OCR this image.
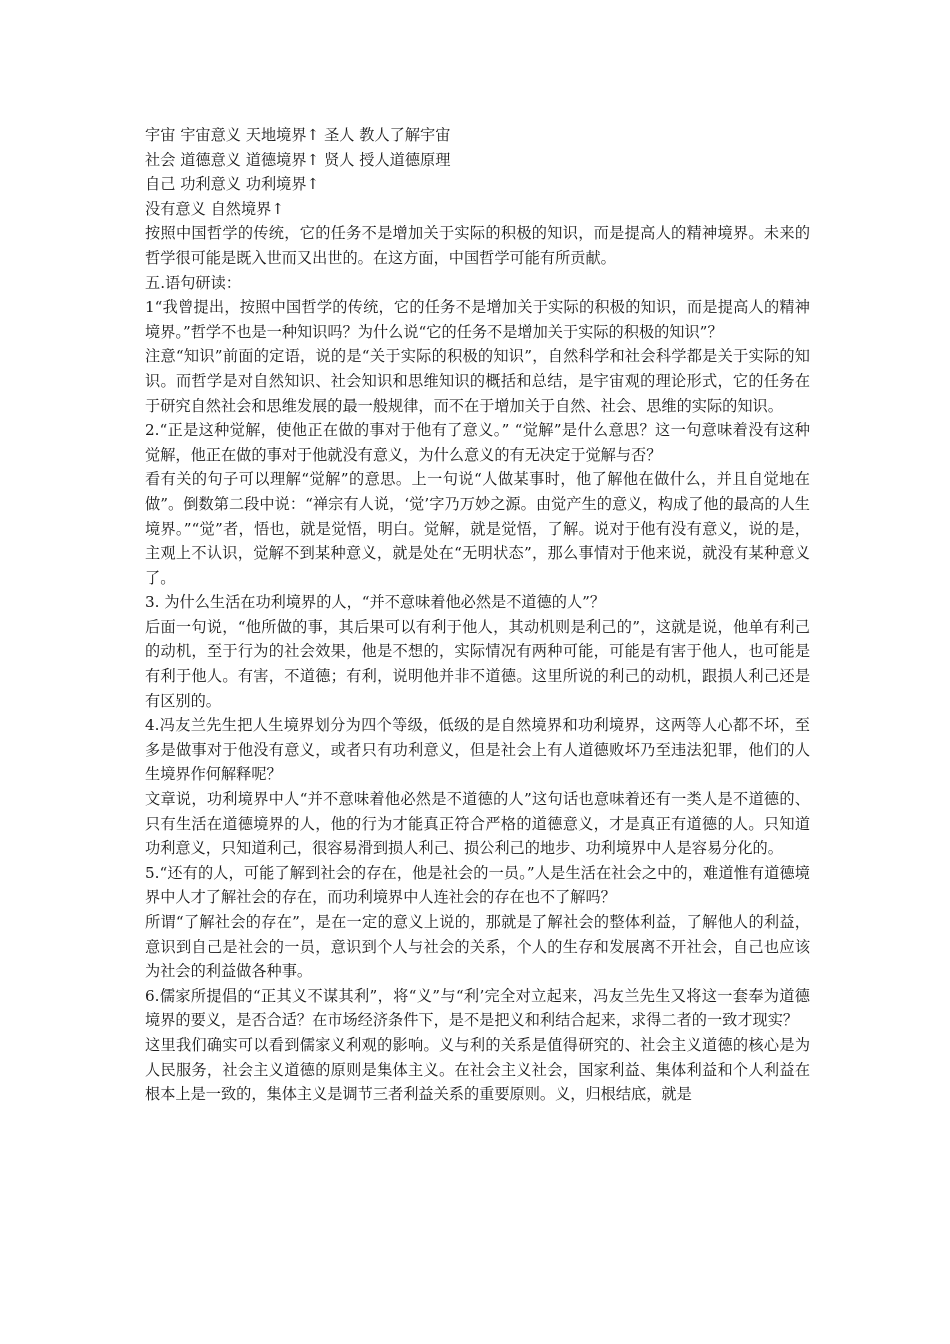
宇宙 宇宙意义 天地境界↑ 圣人 教人了解宇宙

社会 道德意义 道德境界↑ 贤人 授人道德原理

自己 功利意义 功利境界↑

没有意义 自然境界↑

按照中国哲学的传统，它的任务不是增加关于实际的积极的知识，而是提高人的精神境界。未来的哲学很可能是既入世而又出世的。在这方面，中国哲学可能有所贡献。

五.语句研读：

1“我曾提出，按照中国哲学的传统，它的任务不是增加关于实际的积极的知识，而是提高人的精神境界。”哲学不也是一种知识吗？为什么说“它的任务不是增加关于实际的积极的知识”？

注意“知识”前面的定语，说的是“关于实际的积极的知识”，自然科学和社会科学都是关于实际的知识。而哲学是对自然知识、社会知识和思维知识的概括和总结，是宇宙观的理论形式，它的任务在于研究自然社会和思维发展的最一般规律，而不在于增加关于自然、社会、思维的实际的知识。

2.“正是这种觉解，使他正在做的事对于他有了意义。” “觉解”是什么意思？这一句意味着没有这种觉解，他正在做的事对于他就没有意义，为什么意义的有无决定于觉解与否？

看有关的句子可以理解“觉解”的意思。上一句说“人做某事时，他了解他在做什么，并且自觉地在做”。倒数第二段中说：“禅宗有人说，‘觉’字乃万妙之源。由觉产生的意义，构成了他的最高的人生境界。”“觉”者，悟也，就是觉悟，明白。觉解，就是觉悟，了解。说对于他有没有意义，说的是，主观上不认识，觉解不到某种意义，就是处在“无明状态”，那么事情对于他来说，就没有某种意义了。

3. 为什么生活在功利境界的人，“并不意味着他必然是不道德的人”？

后面一句说，“他所做的事，其后果可以有利于他人，其动机则是利己的”，这就是说，他单有利己的动机，至于行为的社会效果，他是不想的，实际情况有两种可能，可能是有害于他人，也可能是有利于他人。有害，不道德；有利，说明他并非不道德。这里所说的利己的动机，跟损人利己还是有区别的。

4.冯友兰先生把人生境界划分为四个等级，低级的是自然境界和功利境界，这两等人心都不坏，至多是做事对于他没有意义，或者只有功利意义，但是社会上有人道德败坏乃至违法犯罪，他们的人生境界作何解释呢？

文章说，功利境界中人“并不意味着他必然是不道德的人”这句话也意味着还有一类人是不道德的、只有生活在道德境界的人，他的行为才能真正符合严格的道德意义，才是真正有道德的人。只知道功利意义，只知道利己，很容易滑到损人利己、损公利己的地步、功利境界中人是容易分化的。

5.“还有的人，可能了解到社会的存在，他是社会的一员。”人是生活在社会之中的，难道惟有道德境界中人才了解社会的存在，而功利境界中人连社会的存在也不了解吗？

所谓“了解社会的存在”，是在一定的意义上说的，那就是了解社会的整体利益，了解他人的利益，意识到自己是社会的一员，意识到个人与社会的关系，个人的生存和发展离不开社会，自己也应该为社会的利益做各种事。

6.儒家所提倡的“正其义不谋其利”，将“义”与“利’完全对立起来，冯友兰先生又将这一套奉为道德境界的要义，是否合适？在市场经济条件下，是不是把义和利结合起来，求得二者的一致才现实？

这里我们确实可以看到儒家义利观的影响。义与利的关系是值得研究的、社会主义道德的核心是为人民服务，社会主义道德的原则是集体主义。在社会主义社会，国家利益、集体利益和个人利益在根本上是一致的，集体主义是调节三者利益关系的重要原则。义，归根结底，就是
